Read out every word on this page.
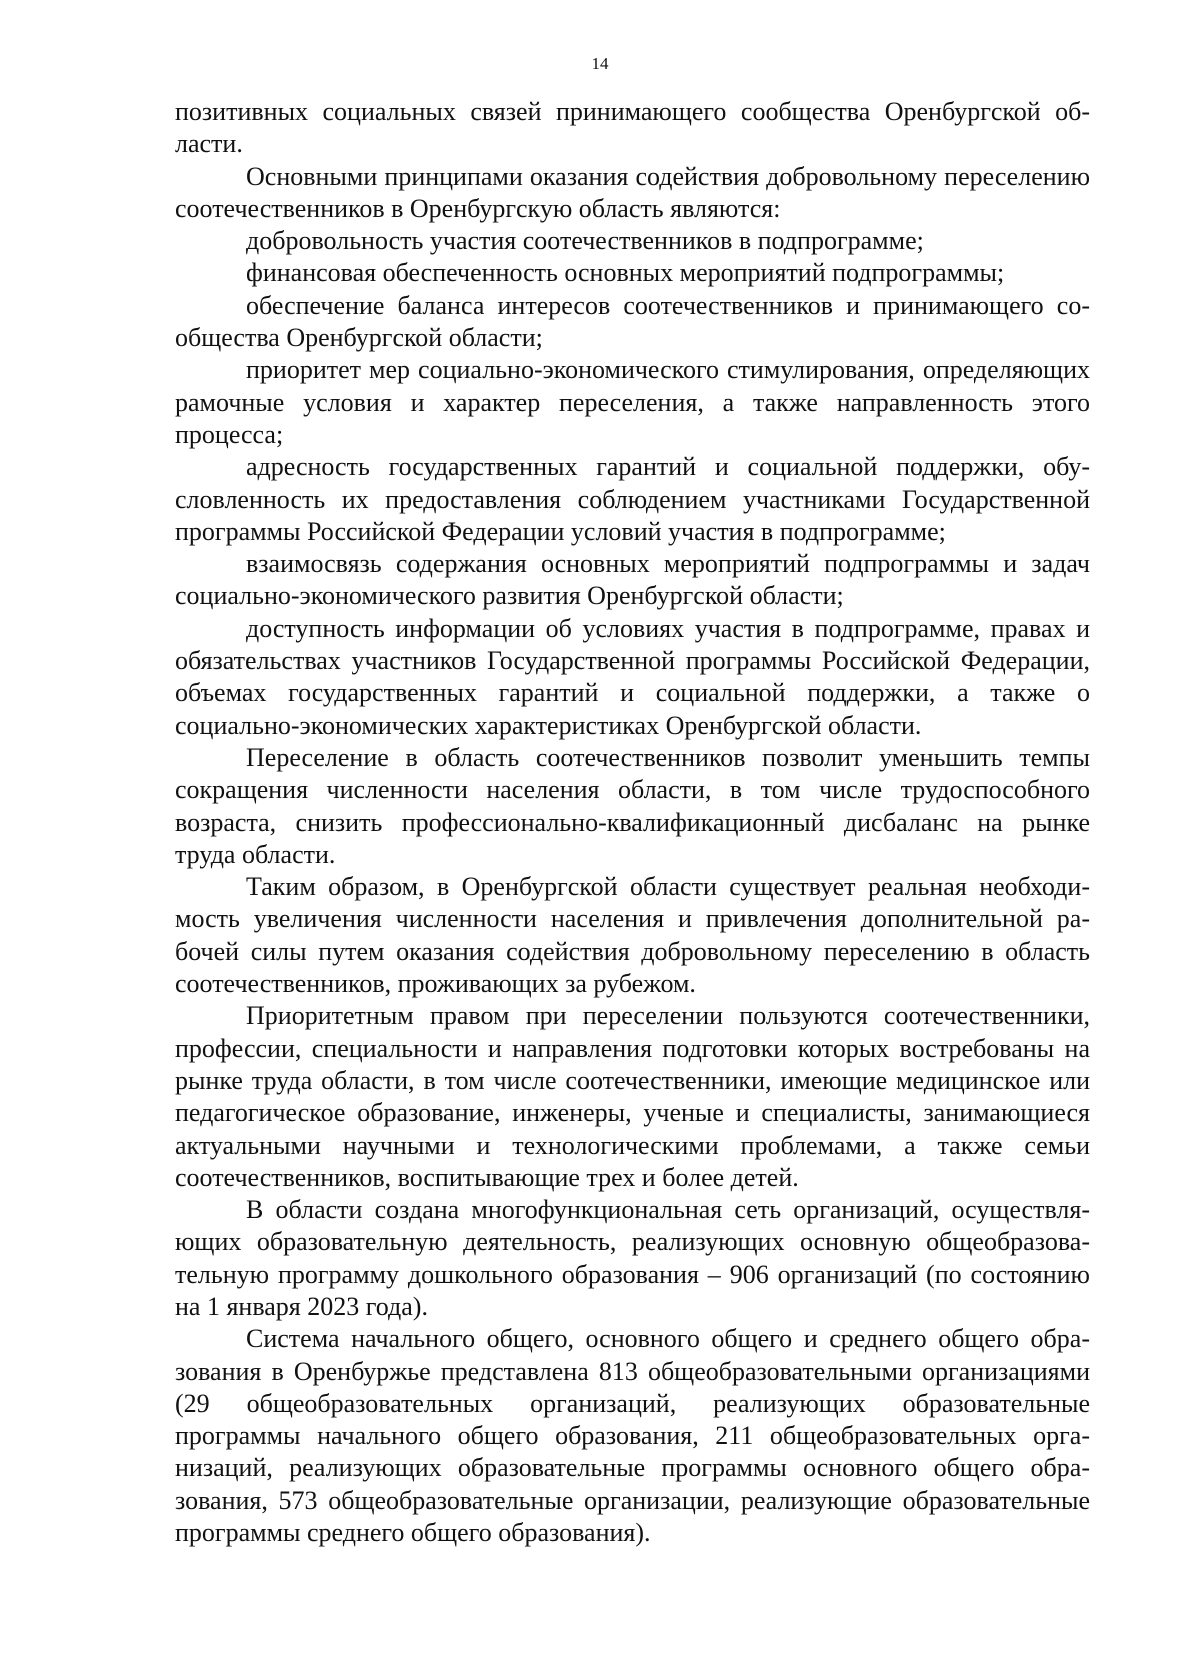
14

позитивных социальных связей принимающего сообщества Оренбургской области.

Основными принципами оказания содействия добровольному переселению соотечественников в Оренбургскую область являются:

добровольность участия соотечественников в подпрограмме;

финансовая обеспеченность основных мероприятий подпрограммы;

обеспечение баланса интересов соотечественников и принимающего сообщества Оренбургской области;

приоритет мер социально-экономического стимулирования, определяющих рамочные условия и характер переселения, а также направленность этого процесса;

адресность государственных гарантий и социальной поддержки, обусловленность их предоставления соблюдением участниками Государственной программы Российской Федерации условий участия в подпрограмме;

взаимосвязь содержания основных мероприятий подпрограммы и задач социально-экономического развития Оренбургской области;

доступность информации об условиях участия в подпрограмме, правах и обязательствах участников Государственной программы Российской Федерации, объемах государственных гарантий и социальной поддержки, а также о социально-экономических характеристиках Оренбургской области.

Переселение в область соотечественников позволит уменьшить темпы сокращения численности населения области, в том числе трудоспособного возраста, снизить профессионально-квалификационный дисбаланс на рынке труда области.

Таким образом, в Оренбургской области существует реальная необходимость увеличения численности населения и привлечения дополнительной рабочей силы путем оказания содействия добровольному переселению в область соотечественников, проживающих за рубежом.

Приоритетным правом при переселении пользуются соотечественники, профессии, специальности и направления подготовки которых востребованы на рынке труда области, в том числе соотечественники, имеющие медицинское или педагогическое образование, инженеры, ученые и специалисты, занимающиеся актуальными научными и технологическими проблемами, а также семьи соотечественников, воспитывающие трех и более детей.

В области создана многофункциональная сеть организаций, осуществляющих образовательную деятельность, реализующих основную общеобразовательную программу дошкольного образования – 906 организаций (по состоянию на 1 января 2023 года).

Система начального общего, основного общего и среднего общего образования в Оренбуржье представлена 813 общеобразовательными организациями (29 общеобразовательных организаций, реализующих образовательные программы начального общего образования, 211 общеобразовательных организаций, реализующих образовательные программы основного общего образования, 573 общеобразовательные организации, реализующие образовательные программы среднего общего образования).
